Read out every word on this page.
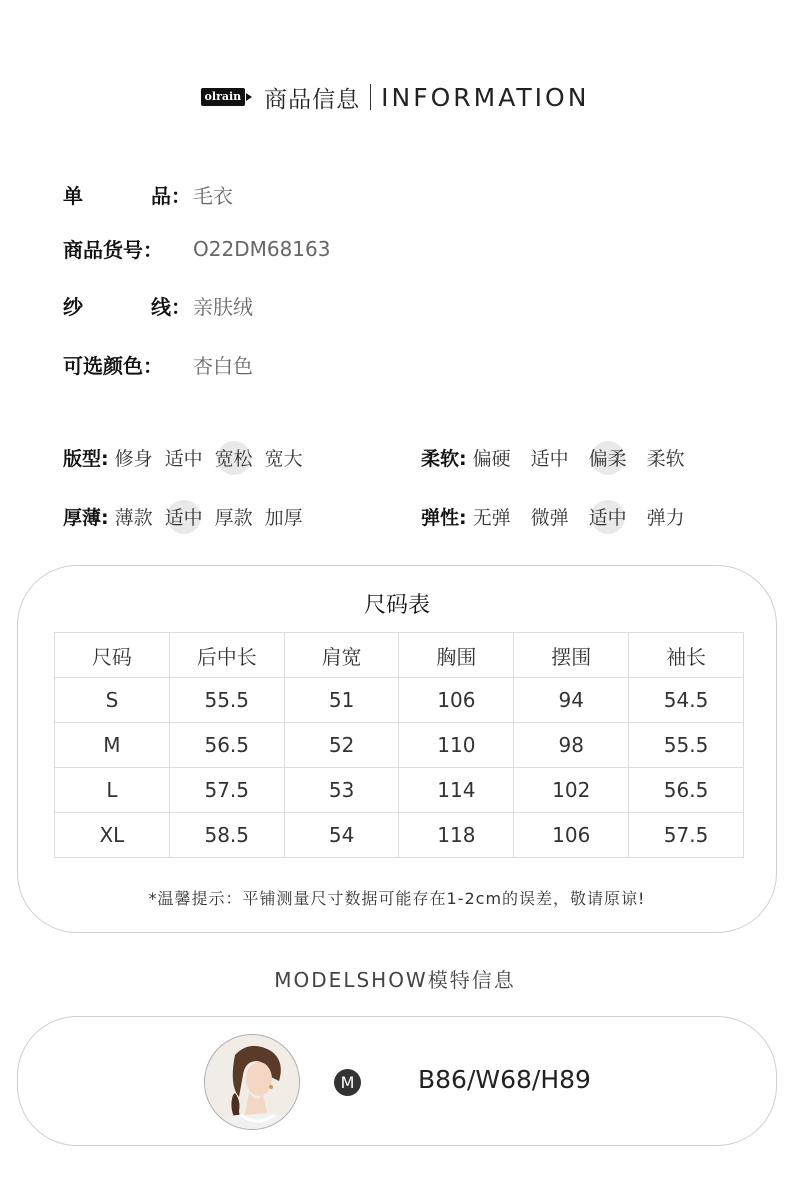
olrain 商品信息 INFORMATION
单	品： 毛衣
商品货号： O22DM68163
纱	线： 亲肤绒
可选颜色： 杏白色
版型: 修身 适中 宽松 宽大	柔软: 偏硬 适中 偏柔 柔软
厚薄: 薄款 适中 厚款 加厚	弹性: 无弹 微弹 适中 弹力
尺码表
尺码	后中长	肩宽	胸围	摆围	袖长
S	55.5	51	106	94	54.5
M	56.5	52	110	98	55.5
L	57.5	53	114	102	56.5
XL	58.5	54	118	106	57.5
*温馨提示：平铺测量尺寸数据可能存在1-2cm的误差，敬请原谅!
MODELSHOW模特信息
M	B86/W68/H89
